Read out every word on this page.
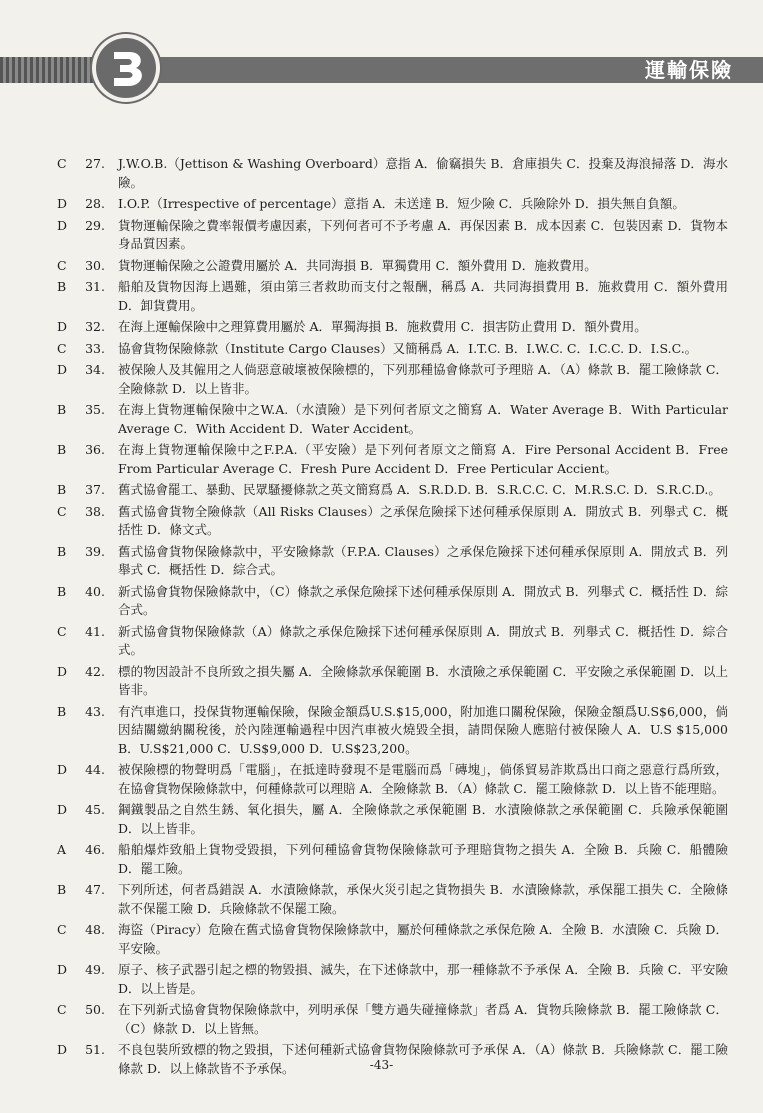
運輸保險
C	27. J.W.O.B.（Jettison & Washing Overboard）意指 A．偷竊損失 B．倉庫損失 C．投棄及海浪掃落 D．海水險。
D	28. I.O.P.（Irrespective of percentage）意指 A．未送達 B．短少險 C．兵險除外 D．損失無自負額。
D	29. 貨物運輸保險之費率報價考慮因素，下列何者可不予考慮 A．再保因素 B．成本因素 C．包裝因素 D．貨物本身品質因素。
C	30. 貨物運輸保險之公證費用屬於 A．共同海損 B．單獨費用 C．額外費用 D．施救費用。
B	31. 船舶及貨物因海上遇難，須由第三者救助而支付之報酬，稱爲 A．共同海損費用 B．施救費用 C．額外費用 D．卸貨費用。
D	32. 在海上運輸保險中之理算費用屬於 A．單獨海損 B．施救費用 C．損害防止費用 D．額外費用。
C	33. 協會貨物保險條款（Institute Cargo Clauses）又簡稱爲 A．I.T.C. B．I.W.C. C．I.C.C. D．I.S.C.。
D	34. 被保險人及其僱用之人倘惡意破壞被保險標的，下列那種協會條款可予理賠 A．（A）條款 B．罷工險條款 C．全險條款 D．以上皆非。
B	35. 在海上貨物運輸保險中之W.A.（水漬險）是下列何者原文之簡寫 A．Water Average B．With Particular Average C．With Accident D．Water Accident。
B	36. 在海上貨物運輸保險中之F.P.A.（平安險）是下列何者原文之簡寫 A．Fire Personal Accident B．Free From Particular Average C．Fresh Pure Accident D．Free Perticular Accient。
B	37. 舊式協會罷工、暴動、民眾騷擾條款之英文簡寫爲 A．S.R.D.D. B．S.R.C.C. C．M.R.S.C. D．S.R.C.D.。
C	38. 舊式協會貨物全險條款（All Risks Clauses）之承保危險採下述何種承保原則 A．開放式 B．列舉式 C．概括性 D．條文式。
B	39. 舊式協會貨物保險條款中，平安險條款（F.P.A. Clauses）之承保危險採下述何種承保原則 A．開放式 B．列舉式 C．概括性 D．綜合式。
B	40. 新式協會貨物保險條款中，（C）條款之承保危險採下述何種承保原則 A．開放式 B．列舉式 C．概括性 D．綜合式。
C	41. 新式協會貨物保險條款（A）條款之承保危險採下述何種承保原則 A．開放式 B．列舉式 C．概括性 D．綜合式。
D	42. 標的物因設計不良所致之損失屬 A．全險條款承保範圍 B．水漬險之承保範圍 C．平安險之承保範圍 D．以上皆非。
B	43. 有汽車進口，投保貨物運輸保險，保險金額爲U.S.$15,000，附加進口關稅保險，保險金額爲U.S$6,000，倘因結關繳納關稅後，於內陸運輸過程中因汽車被火燒毀全損，請問保險人應賠付被保險人 A．U.S $15,000 B．U.S$21,000 C．U.S$9,000 D．U.S$23,200。
D	44. 被保險標的物聲明爲「電腦」，在抵達時發現不是電腦而爲「磚塊」，倘係貿易詐欺爲出口商之惡意行爲所致，在協會貨物保險條款中，何種條款可以理賠 A．全險條款 B．（A）條款 C．罷工險條款 D．以上皆不能理賠。
D	45. 鋼鐵製品之自然生銹、氧化損失，屬 A．全險條款之承保範圍 B．水漬險條款之承保範圍 C．兵險承保範圍 D．以上皆非。
A	46. 船舶爆炸致船上貨物受毀損，下列何種協會貨物保險條款可予理賠貨物之損失 A．全險 B．兵險 C．船體險 D．罷工險。
B	47. 下列所述，何者爲錯誤 A．水漬險條款，承保火災引起之貨物損失 B．水漬險條款，承保罷工損失 C．全險條款不保罷工險 D．兵險條款不保罷工險。
C	48. 海盜（Piracy）危險在舊式協會貨物保險條款中，屬於何種條款之承保危險 A．全險 B．水漬險 C．兵險 D．平安險。
D	49. 原子、核子武器引起之標的物毀損、滅失，在下述條款中，那一種條款不予承保 A．全險 B．兵險 C．平安險 D．以上皆是。
C	50. 在下列新式協會貨物保險條款中，列明承保「雙方過失碰撞條款」者爲 A．貨物兵險條款 B．罷工險條款 C．（C）條款 D．以上皆無。
D	51. 不良包裝所致標的物之毀損，下述何種新式協會貨物保險條款可予承保 A．（A）條款 B．兵險條款 C．罷工險條款 D．以上條款皆不予承保。	-43-
